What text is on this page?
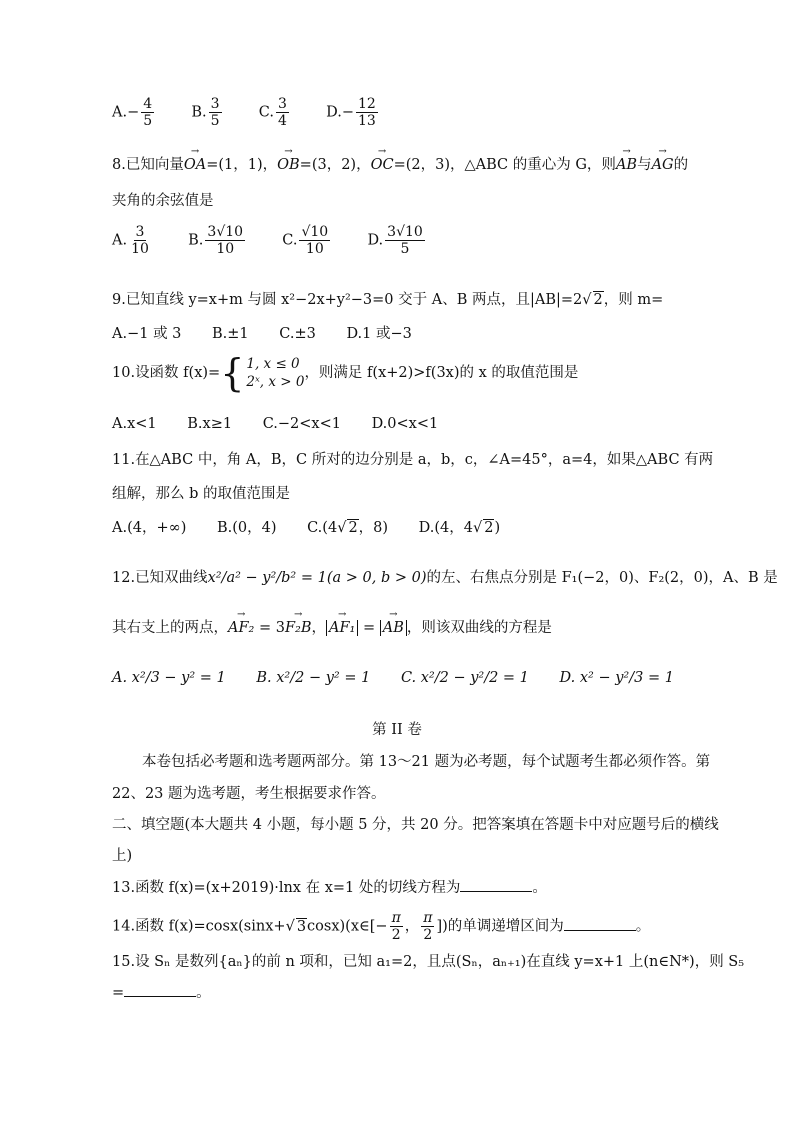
$A.- \frac{4}{5}$	B. $\frac{3}{5}$	C. $\frac{3}{4}$	$D.- \frac{12}{13}$
8.已知向量→ OA=(1，1)，→ OB=(3，2)，→ OC=(2，3)，△ABC 的重心为 G，则→ AB与→ AG的
夹角的余弦值是
A. $\frac{3}{10}$	B. $\frac{3√10}{10}$	C. $\frac{√10}{10}$	D. $\frac{3√10}{5}$
9.已知直线 y=x+m 与圆 x²−2x+y²−3=0 交于 A、B 两点，且|AB|=2√ 2，则 m=
A.−1 或 3 B.±1 C.±3 D.1 或−3
10.设函数 f(x)= { 1, x ≤ 0
2ˣ, x > 0
，则满足 f(x+2)>f(3x)的 x 的取值范围是
A.x<1 B.x≥1 C.−2<x<1 D.0<x<1
11.在△ABC 中，角 A，B，C 所对的边分别是 a，b，c，∠A=45°，a=4，如果△ABC 有两
组解，那么 b 的取值范围是
A.(4，+∞) B.(0，4) C.(4√ 2，8) D.(4，4√ 2)
12.已知双曲线x²/a² − y²/b² = 1(a > 0, b > 0)的左、右焦点分别是 F₁(−2，0)、F₂(2，0)，A、B 是
其右支上的两点，→ AF₂ = 3→ F₂B，→ AF₁ = → AB ，则该双曲线的方程是
A. x²/3 − y² = 1 B. x²/2 − y² = 1 C. x²/2 − y²/2 = 1 D. x² − y²/3 = 1
第 II 卷
本卷包括必考题和选考题两部分。第 13～21 题为必考题，每个试题考生都必须作答。第
22、23 题为选考题，考生根据要求作答。
二、填空题(本大题共 4 小题，每小题 5 分，共 20 分。把答案填在答题卡中对应题号后的横线
上)
13.函数 f(x)=(x+2019)·lnx 在 x=1 处的切线方程为	。
14.函数 f(x)=cosx(sinx+√ 3cosx)(x∈[− $\frac{\pi}{2}$ ， $\frac{\pi}{2}$ ])的单调递增区间为	。
15.设 Sₙ 是数列{aₙ}的前 n 项和，已知 a₁=2，且点(Sₙ，aₙ₊₁)在直线 y=x+1 上(n∈N*)，则 S₅
=	。
